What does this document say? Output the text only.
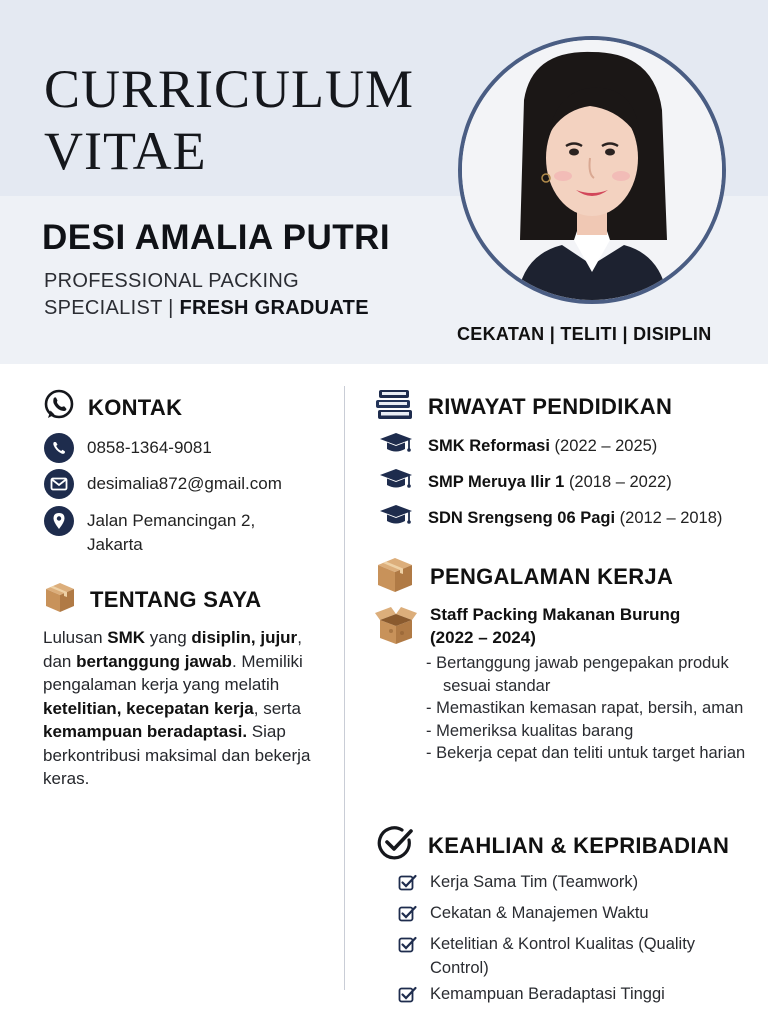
CURRICULUM
VITAE
DESI AMALIA PUTRI
PROFESSIONAL PACKING
SPECIALIST | FRESH GRADUATE
CEKATAN | TELITI | DISIPLIN
KONTAK
0858-1364-9081
desimalia872@gmail.com
Jalan Pemancingan 2,
Jakarta
TENTANG SAYA
Lulusan SMK yang disiplin, jujur, dan bertanggung jawab. Memiliki pengalaman kerja yang melatih ketelitian, kecepatan kerja, serta kemampuan beradaptasi. Siap berkontribusi maksimal dan bekerja keras.
RIWAYAT PENDIDIKAN
SMK Reformasi (2022 – 2025)
SMP Meruya Ilir 1 (2018 – 2022)
SDN Srengseng 06 Pagi (2012 – 2018)
PENGALAMAN KERJA
Staff Packing Makanan Burung
(2022 – 2024)
- Bertanggung jawab pengepakan produk sesuai standar
- Memastikan kemasan rapat, bersih, aman
- Memeriksa kualitas barang
- Bekerja cepat dan teliti untuk target harian
KEAHLIAN & KEPRIBADIAN
Kerja Sama Tim (Teamwork)
Cekatan & Manajemen Waktu
Ketelitian & Kontrol Kualitas (Quality Control)
Kemampuan Beradaptasi Tinggi
